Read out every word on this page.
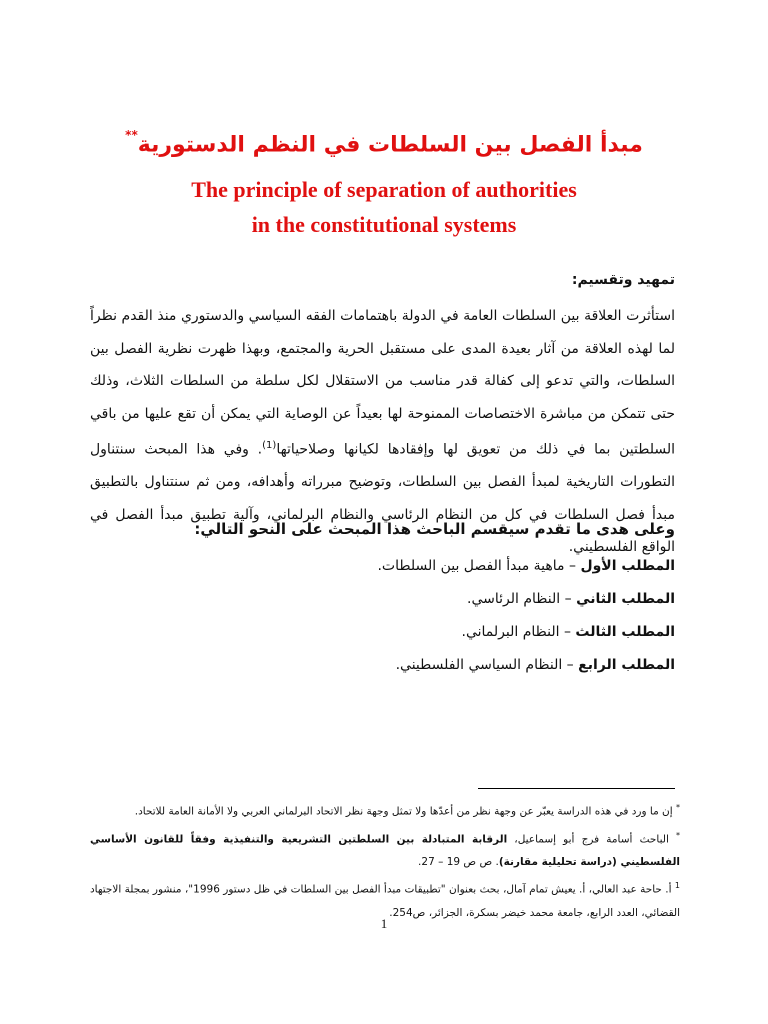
مبدأ الفصل بين السلطات في النظم الدستورية**
The principle of separation of authorities
in the constitutional systems
تمهيد وتقسيم:
استأثرت العلاقة بين السلطات العامة في الدولة باهتمامات الفقه السياسي والدستوري منذ القدم نظراً لما لهذه العلاقة من آثار بعيدة المدى على مستقبل الحرية والمجتمع، وبهذا ظهرت نظرية الفصل بين السلطات، والتي تدعو إلى كفالة قدر مناسب من الاستقلال لكل سلطة من السلطات الثلاث، وذلك حتى تتمكن من مباشرة الاختصاصات الممنوحة لها بعيداً عن الوصاية التي يمكن أن تقع عليها من باقي السلطتين بما في ذلك من تعويق لها وإفقادها لكيانها وصلاحياتها$^{(1)}$. وفي هذا المبحث سنتناول التطورات التاريخية لمبدأ الفصل بين السلطات، وتوضيح مبرراته وأهدافه، ومن ثم سنتناول بالتطبيق مبدأ فصل السلطات في كل من النظام الرئاسي والنظام البرلماني، وآلية تطبيق مبدأ الفصل في الواقع الفلسطيني.
وعلى هدى ما تقدم سيقسم الباحث هذا المبحث على النحو التالي:
المطلب الأول – ماهية مبدأ الفصل بين السلطات.
المطلب الثاني – النظام الرئاسي.
المطلب الثالث – النظام البرلماني.
المطلب الرابع – النظام السياسي الفلسطيني.

* إن ما ورد في هذه الدراسة يعبّر عن وجهة نظر من أعدّها ولا تمثل وجهة نظر الاتحاد البرلماني العربي ولا الأمانة العامة للاتحاد.

* الباحث أسامة فرج أبو إسماعيل، الرقابة المتبادلة بين السلطتين التشريعية والتنفيذية وفقاً للقانون الأساسي الفلسطيني (دراسة تحليلية مقارنة). ص ص 19 – 27.

$^1$ أ. حاحة عبد العالي، أ. يعيش تمام آمال، بحث بعنوان "تطبيقات مبدأ الفصل بين السلطات في ظل دستور 1996"، منشور بمجلة الاجتهاد القضائي، العدد الرابع، جامعة محمد خيضر بسكرة، الجزائر، ص254.

1
